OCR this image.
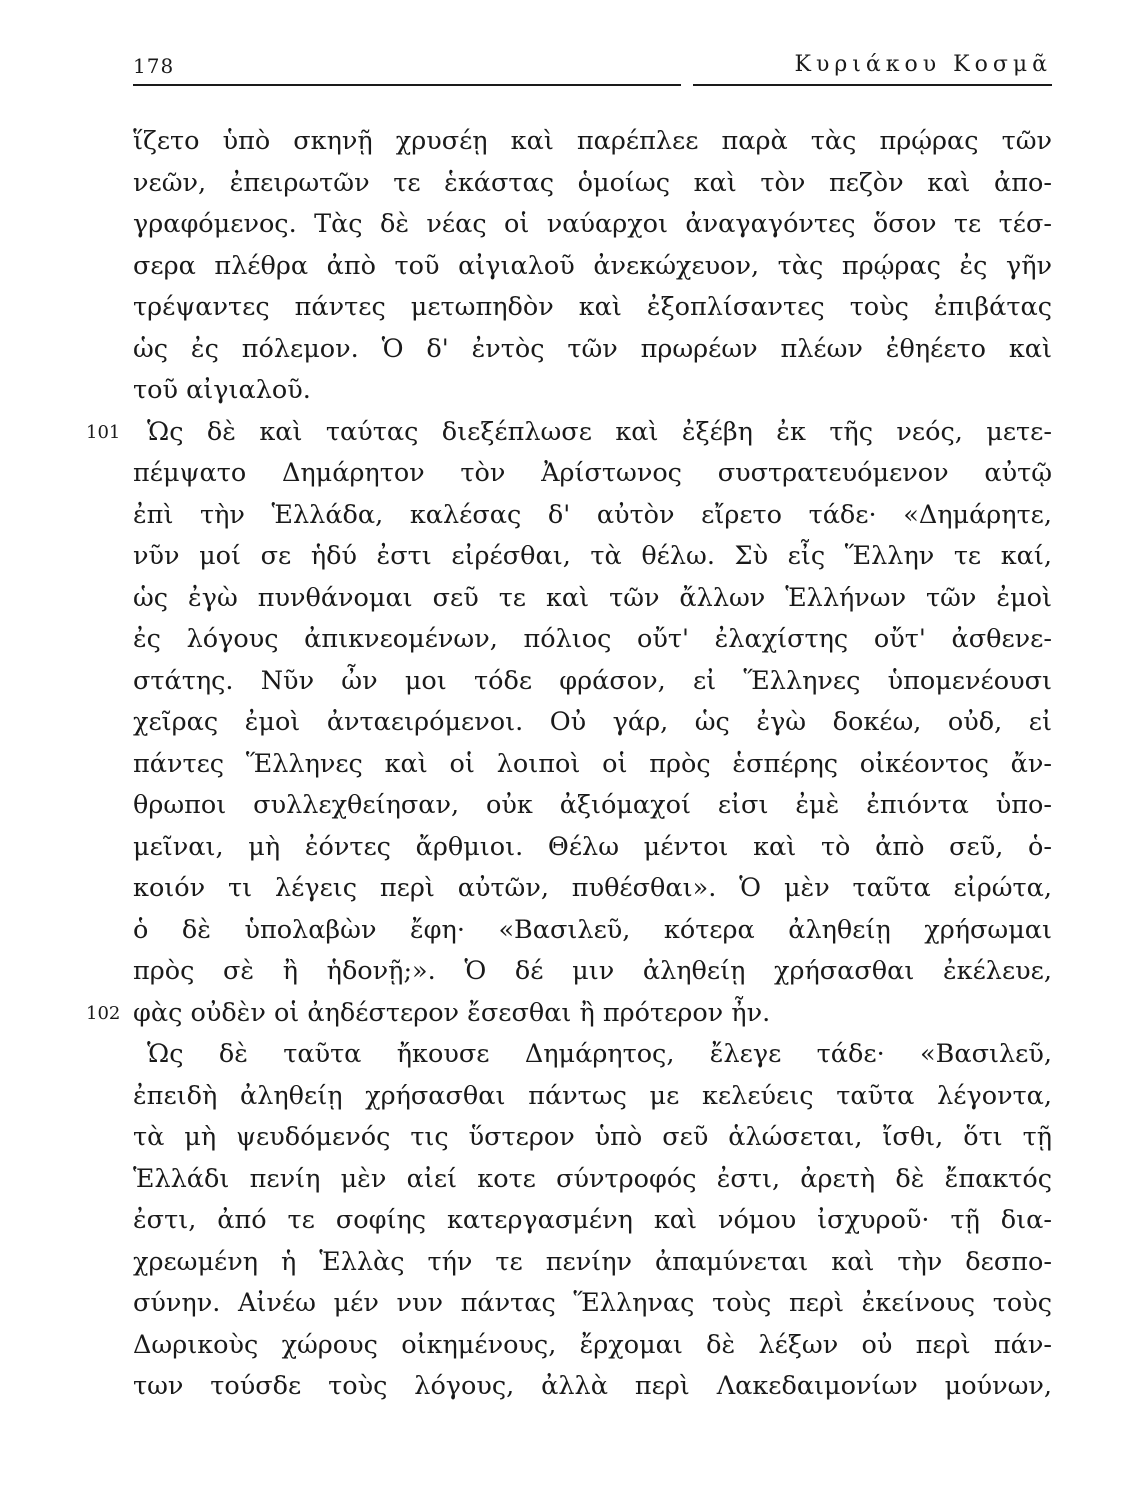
178	Κυριάκου Κοσμᾶ
101
102
ἵζετο ὑπὸ σκηνῇ χρυσέῃ καὶ παρέπλεε παρὰ τὰς πρῴρας τῶν
νεῶν, ἐπειρωτῶν τε ἑκάστας ὁμοίως καὶ τὸν πεζὸν καὶ ἀπο-
γραφόμενος. Τὰς δὲ νέας οἱ ναύαρχοι ἀναγαγόντες ὅσον τε τέσ-
σερα πλέθρα ἀπὸ τοῦ αἰγιαλοῦ ἀνεκώχευον, τὰς πρῴρας ἐς γῆν
τρέψαντες πάντες μετωπηδὸν καὶ ἐξοπλίσαντες τοὺς ἐπιβάτας
ὡς ἐς πόλεμον. Ὁ δ' ἐντὸς τῶν πρωρέων πλέων ἐθηέετο καὶ
τοῦ αἰγιαλοῦ.
Ὡς δὲ καὶ ταύτας διεξέπλωσε καὶ ἐξέβη ἐκ τῆς νεός, μετε-
πέμψατο Δημάρητον τὸν Ἀρίστωνος συστρατευόμενον αὐτῷ
ἐπὶ τὴν Ἑλλάδα, καλέσας δ' αὐτὸν εἴρετο τάδε· «Δημάρητε,
νῦν μοί σε ἡδύ ἐστι εἰρέσθαι, τὰ θέλω. Σὺ εἶς Ἕλλην τε καί,
ὡς ἐγὼ πυνθάνομαι σεῦ τε καὶ τῶν ἄλλων Ἑλλήνων τῶν ἐμοὶ
ἐς λόγους ἀπικνεομένων, πόλιος οὔτ' ἐλαχίστης οὔτ' ἀσθενε-
στάτης. Νῦν ὦν μοι τόδε φράσον, εἰ Ἕλληνες ὑπομενέουσι
χεῖρας ἐμοὶ ἀνταειρόμενοι. Οὐ γάρ, ὡς ἐγὼ δοκέω, οὐδ, εἰ
πάντες Ἕλληνες καὶ οἱ λοιποὶ οἱ πρὸς ἑσπέρης οἰκέοντος ἄν-
θρωποι συλλεχθείησαν, οὐκ ἀξιόμαχοί εἰσι ἐμὲ ἐπιόντα ὑπο-
μεῖναι, μὴ ἐόντες ἄρθμιοι. Θέλω μέντοι καὶ τὸ ἀπὸ σεῦ, ὁ-
κοιόν τι λέγεις περὶ αὐτῶν, πυθέσθαι». Ὁ μὲν ταῦτα εἰρώτα,
ὁ δὲ ὑπολαβὼν ἔφη· «Βασιλεῦ, κότερα ἀληθείῃ χρήσωμαι
πρὸς σὲ ἢ ἡδονῇ;». Ὁ δέ μιν ἀληθείῃ χρήσασθαι ἐκέλευε,
φὰς οὐδὲν οἱ ἀηδέστερον ἔσεσθαι ἢ πρότερον ἦν.
Ὡς δὲ ταῦτα ἤκουσε Δημάρητος, ἔλεγε τάδε· «Βασιλεῦ,
ἐπειδὴ ἀληθείῃ χρήσασθαι πάντως με κελεύεις ταῦτα λέγοντα,
τὰ μὴ ψευδόμενός τις ὕστερον ὑπὸ σεῦ ἁλώσεται, ἴσθι, ὅτι τῇ
Ἑλλάδι πενίη μὲν αἰεί κοτε σύντροφός ἐστι, ἀρετὴ δὲ ἔπακτός
ἐστι, ἀπό τε σοφίης κατεργασμένη καὶ νόμου ἰσχυροῦ· τῇ δια-
χρεωμένη ἡ Ἑλλὰς τήν τε πενίην ἀπαμύνεται καὶ τὴν δεσπο-
σύνην. Αἰνέω μέν νυν πάντας Ἕλληνας τοὺς περὶ ἐκείνους τοὺς
Δωρικοὺς χώρους οἰκημένους, ἔρχομαι δὲ λέξων οὐ περὶ πάν-
των τούσδε τοὺς λόγους, ἀλλὰ περὶ Λακεδαιμονίων μούνων,
